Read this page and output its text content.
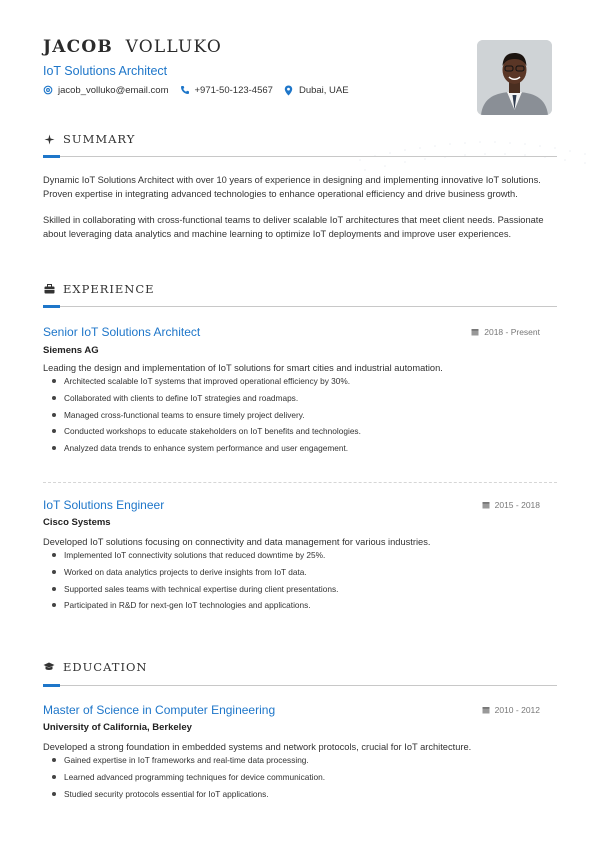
JACOB VOLLUKO
IoT Solutions Architect
jacob_volluko@email.com	+971-50-123-4567	Dubai, UAE
SUMMARY
Dynamic IoT Solutions Architect with over 10 years of experience in designing and implementing innovative IoT solutions. Proven expertise in integrating advanced technologies to enhance operational efficiency and drive business growth.
Skilled in collaborating with cross-functional teams to deliver scalable IoT architectures that meet client needs. Passionate about leveraging data analytics and machine learning to optimize IoT deployments and improve user experiences.
EXPERIENCE
Senior IoT Solutions Architect	2018 - Present
Siemens AG
Leading the design and implementation of IoT solutions for smart cities and industrial automation.
Architected scalable IoT systems that improved operational efficiency by 30%.
Collaborated with clients to define IoT strategies and roadmaps.
Managed cross-functional teams to ensure timely project delivery.
Conducted workshops to educate stakeholders on IoT benefits and technologies.
Analyzed data trends to enhance system performance and user engagement.
IoT Solutions Engineer	2015 - 2018
Cisco Systems
Developed IoT solutions focusing on connectivity and data management for various industries.
Implemented IoT connectivity solutions that reduced downtime by 25%.
Worked on data analytics projects to derive insights from IoT data.
Supported sales teams with technical expertise during client presentations.
Participated in R&D for next-gen IoT technologies and applications.
EDUCATION
Master of Science in Computer Engineering	2010 - 2012
University of California, Berkeley
Developed a strong foundation in embedded systems and network protocols, crucial for IoT architecture.
Gained expertise in IoT frameworks and real-time data processing.
Learned advanced programming techniques for device communication.
Studied security protocols essential for IoT applications.
